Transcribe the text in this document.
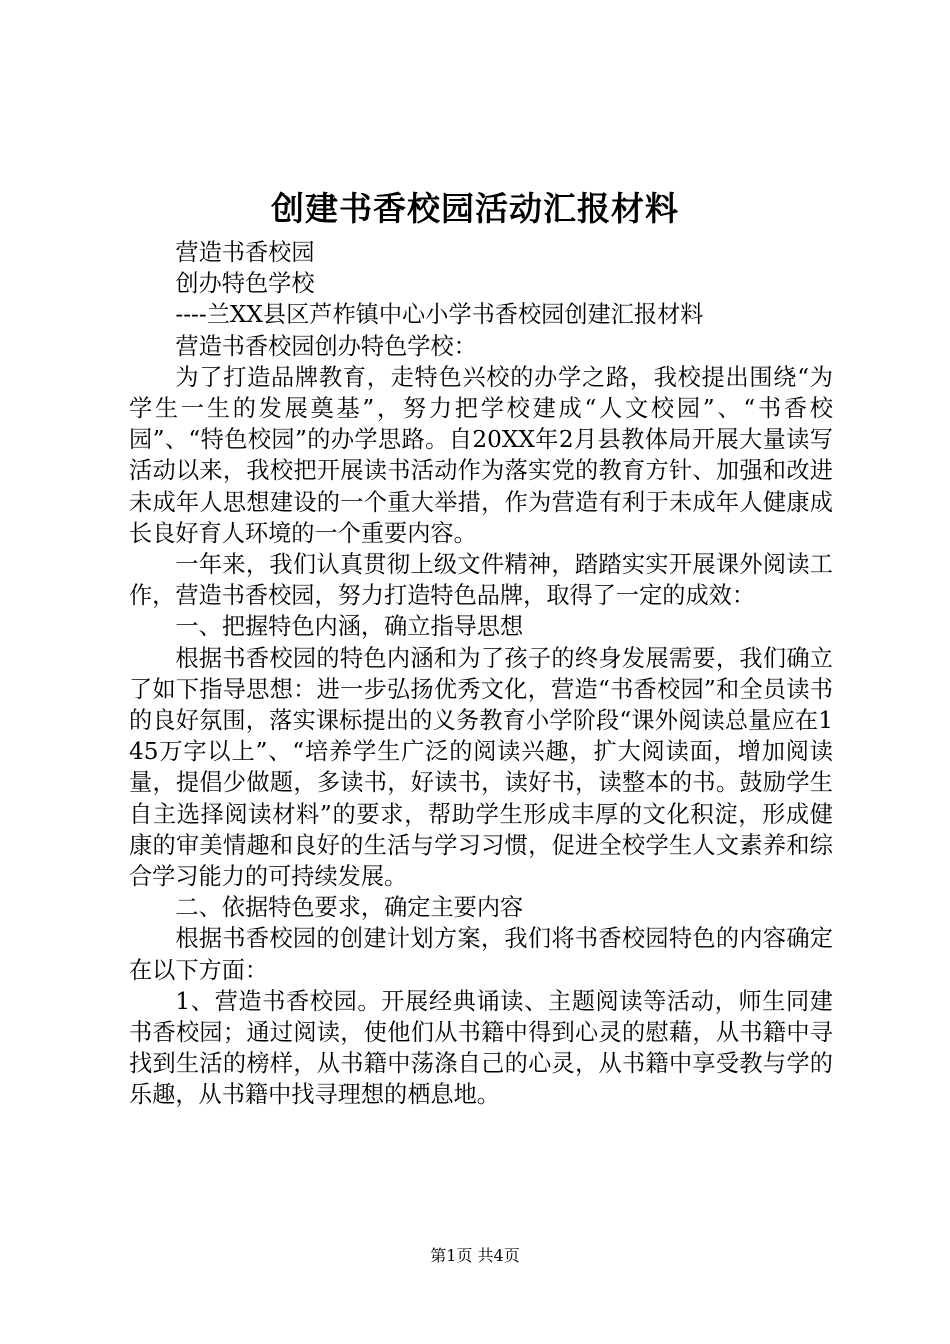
创建书香校园活动汇报材料

营造书香校园

创办特色学校

----兰XX县区芦柞镇中心小学书香校园创建汇报材料

营造书香校园创办特色学校：

为了打造品牌教育，走特色兴校的办学之路，我校提出围绕“为学生一生的发展奠基”，努力把学校建成“人文校园”、“书香校园”、“特色校园”的办学思路。自20XX年2月县教体局开展大量读写活动以来，我校把开展读书活动作为落实党的教育方针、加强和改进未成年人思想建设的一个重大举措，作为营造有利于未成年人健康成长良好育人环境的一个重要内容。

一年来，我们认真贯彻上级文件精神，踏踏实实开展课外阅读工作，营造书香校园，努力打造特色品牌，取得了一定的成效：

一、把握特色内涵，确立指导思想

根据书香校园的特色内涵和为了孩子的终身发展需要，我们确立了如下指导思想：进一步弘扬优秀文化，营造“书香校园”和全员读书的良好氛围，落实课标提出的义务教育小学阶段“课外阅读总量应在145万字以上”、“培养学生广泛的阅读兴趣，扩大阅读面，增加阅读量，提倡少做题，多读书，好读书，读好书，读整本的书。鼓励学生自主选择阅读材料”的要求，帮助学生形成丰厚的文化积淀，形成健康的审美情趣和良好的生活与学习习惯，促进全校学生人文素养和综合学习能力的可持续发展。

二、依据特色要求，确定主要内容

根据书香校园的创建计划方案，我们将书香校园特色的内容确定在以下方面：

1、营造书香校园。开展经典诵读、主题阅读等活动，师生同建书香校园；通过阅读，使他们从书籍中得到心灵的慰藉，从书籍中寻找到生活的榜样，从书籍中荡涤自己的心灵，从书籍中享受教与学的乐趣，从书籍中找寻理想的栖息地。

第1页 共4页
